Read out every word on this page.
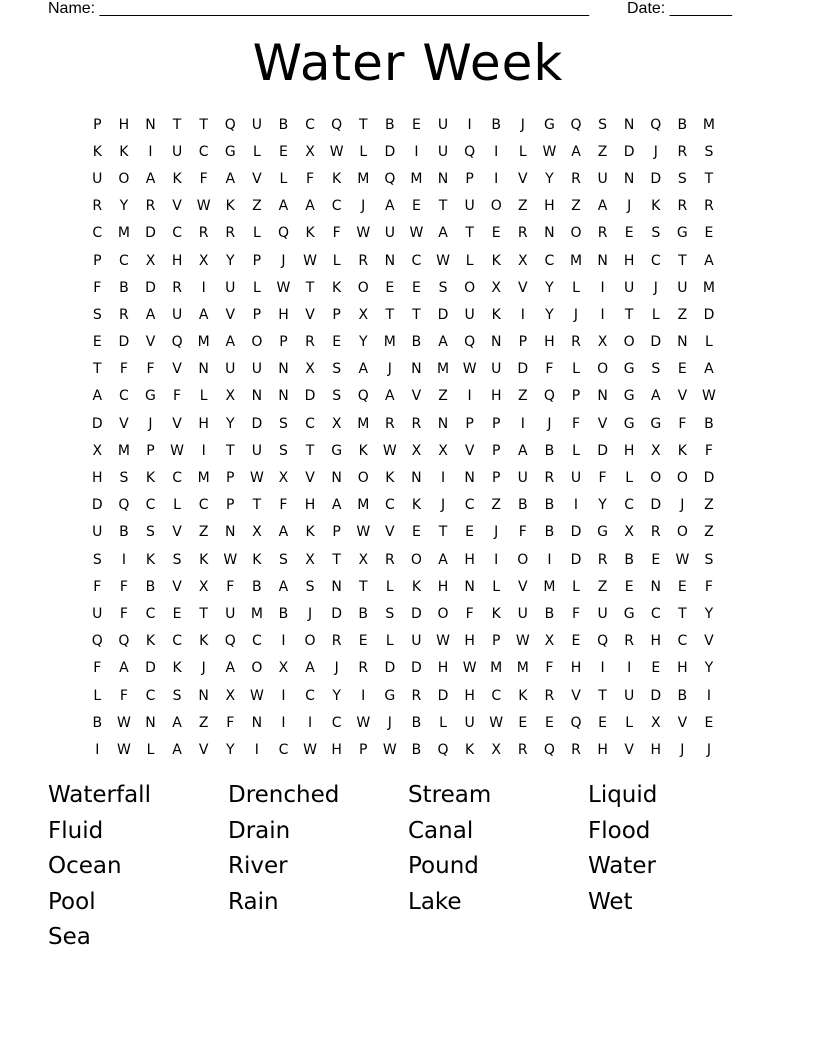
Name: _______________________________________________________ Date: _______
Water Week
P	H	N	T	T	Q	U	B	C	Q	T	B	E	U	I	B	J	G	Q	S	N	Q	B	M
K	K	I	U	C	G	L	E	X	W	L	D	I	U	Q	I	L	W	A	Z	D	J	R	S
U	O	A	K	F	A	V	L	F	K	M	Q	M	N	P	I	V	Y	R	U	N	D	S	T
R	Y	R	V	W	K	Z	A	A	C	J	A	E	T	U	O	Z	H	Z	A	J	K	R	R
C	M	D	C	R	R	L	Q	K	F	W	U	W	A	T	E	R	N	O	R	E	S	G	E
P	C	X	H	X	Y	P	J	W	L	R	N	C	W	L	K	X	C	M	N	H	C	T	A
F	B	D	R	I	U	L	W	T	K	O	E	E	S	O	X	V	Y	L	I	U	J	U	M
S	R	A	U	A	V	P	H	V	P	X	T	T	D	U	K	I	Y	J	I	T	L	Z	D
E	D	V	Q	M	A	O	P	R	E	Y	M	B	A	Q	N	P	H	R	X	O	D	N	L
T	F	F	V	N	U	U	N	X	S	A	J	N	M W	U	D	F	L	O	G	S	E	A
A	C	G	F	L	X	N	N	D	S	Q	A	V	Z	I	H	Z	Q	P	N	G	A	V	W
D	V	J	V	H	Y	D	S	C	X	M	R	R	N	P	P	I	J	F	V	G	G	F	B
X	M	P	W	I	T	U	S	T	G	K	W	X	X	V	P	A	B	L	D	H	X	K	F
H	S	K	C	M	P	W	X	V	N	O	K	N	I	N	P	U	R	U	F	L	O	O	D
D	Q	C	L	C	P	T	F	H	A	M	C	K	J	C	Z	B	B	I	Y	C	D	J	Z
U	B	S	V	Z	N	X	A	K	P	W	V	E	T	E	J	F	B	D	G	X	R	O	Z
S	I	K	S	K	W	K	S	X	T	X	R	O	A	H	I	O	I	D	R	B	E	W	S
F	F	B	V	X	F	B	A	S	N	T	L	K	H	N	L	V	M	L	Z	E	N	E	F
U	F	C	E	T	U	M	B	J	D	B	S	D	O	F	K	U	B	F	U	G	C	T	Y
Q	Q	K	C	K	Q	C	I	O	R	E	L	U	W	H	P	W	X	E	Q	R	H	C	V
F	A	D	K	J	A	O	X	A	J	R	D	D	H	W M	M	F	H	I	I	E	H	Y
L	F	C	S	N	X	W	I	C	Y	I	G	R	D	H	C	K	R	V	T	U	D	B	I
B	W	N	A	Z	F	N	I	I	C	W	J	B	L	U	W	E	E	Q	E	L	X	V	E
I	W	L	A	V	Y	I	C	W	H	P	W	B	Q	K	X	R	Q	R	H	V	H	J	J
Waterfall	Drenched	Stream	Liquid
Fluid	Drain	Canal	Flood
Ocean	River	Pound	Water
Pool	Rain	Lake	Wet
Sea
